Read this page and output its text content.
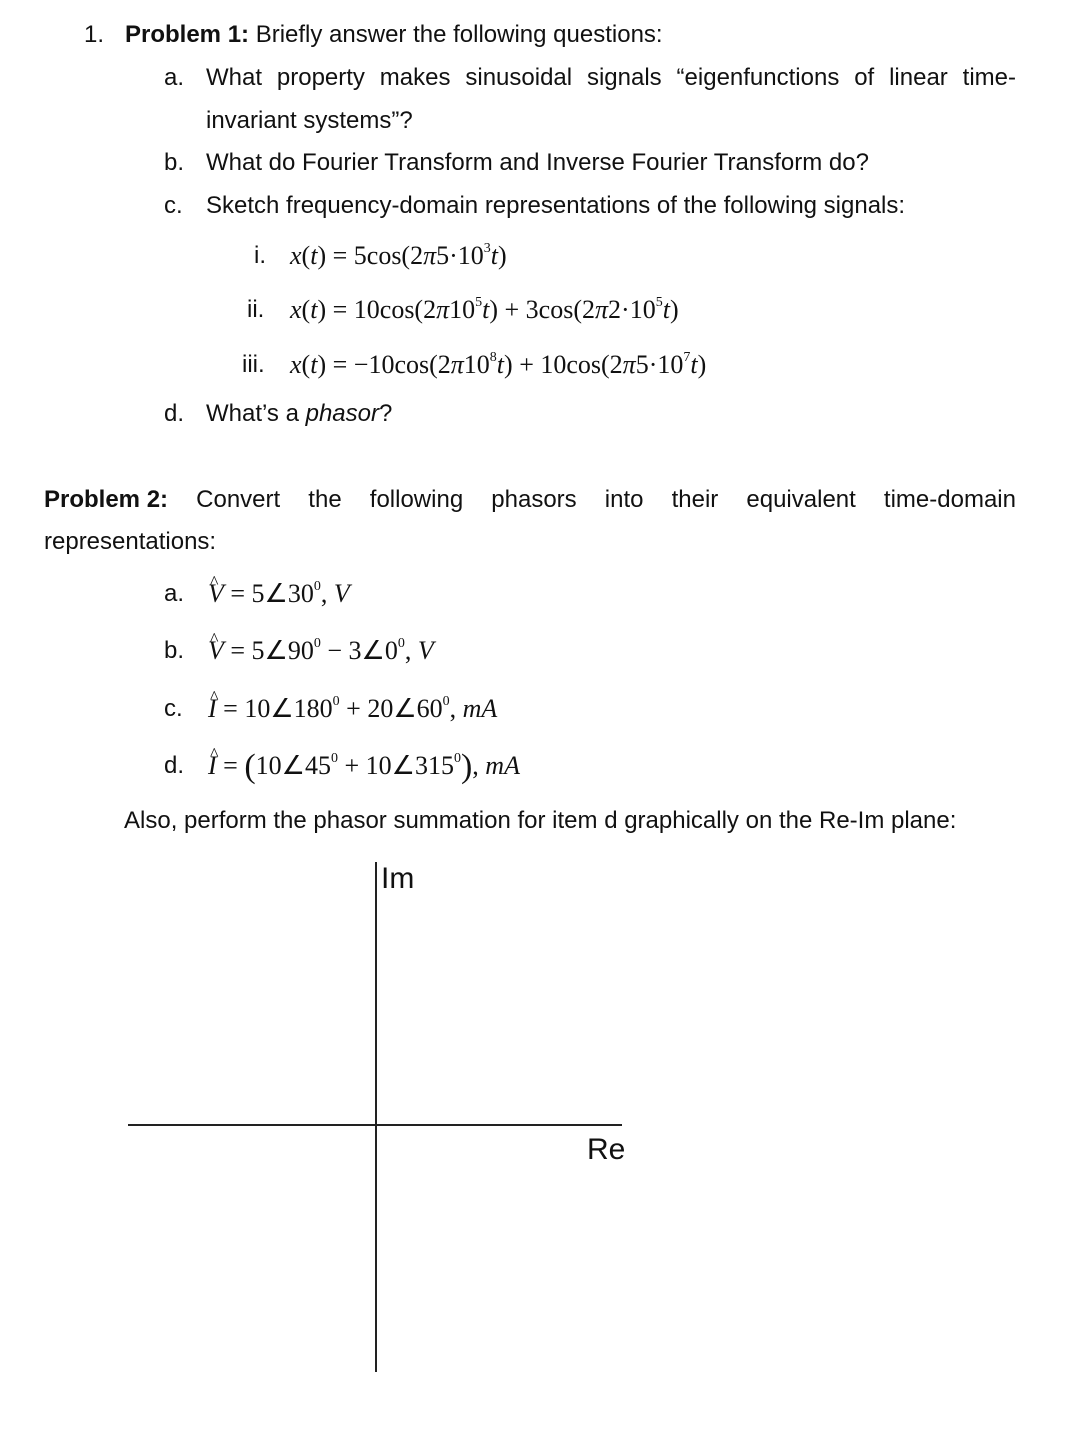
1. Problem 1: Briefly answer the following questions:
a. What property makes sinusoidal signals “eigenfunctions of linear time-
invariant systems”?
b. What do Fourier Transform and Inverse Fourier Transform do?
c. Sketch frequency-domain representations of the following signals:
i. $x(t) = 5\cos(2\pi 5\cdot 10^3t)$
ii. $x(t) = 10\cos(2\pi 10^5t) + 3\cos(2\pi 2\cdot 10^5t)$
iii. $x(t) = -10\cos(2\pi 10^8t) + 10\cos(2\pi 5\cdot 10^7t)$
d. What’s a phasor?
Problem 2: Convert the following phasors into their equivalent time-domain
representations:
a. ^ $V = 5\angle 30^0$, V
b. ^ $V = 5\angle 90^0$ − $3\angle 0^0$, V
c. ^ $I = 10\angle 180^0$ + $20\angle 60^0$, mA
d. ^ $I = (10\angle 45^0$ + $10\angle 315^0$), mA
Also, perform the phasor summation for item d graphically on the Re-Im plane:
Im
Re
